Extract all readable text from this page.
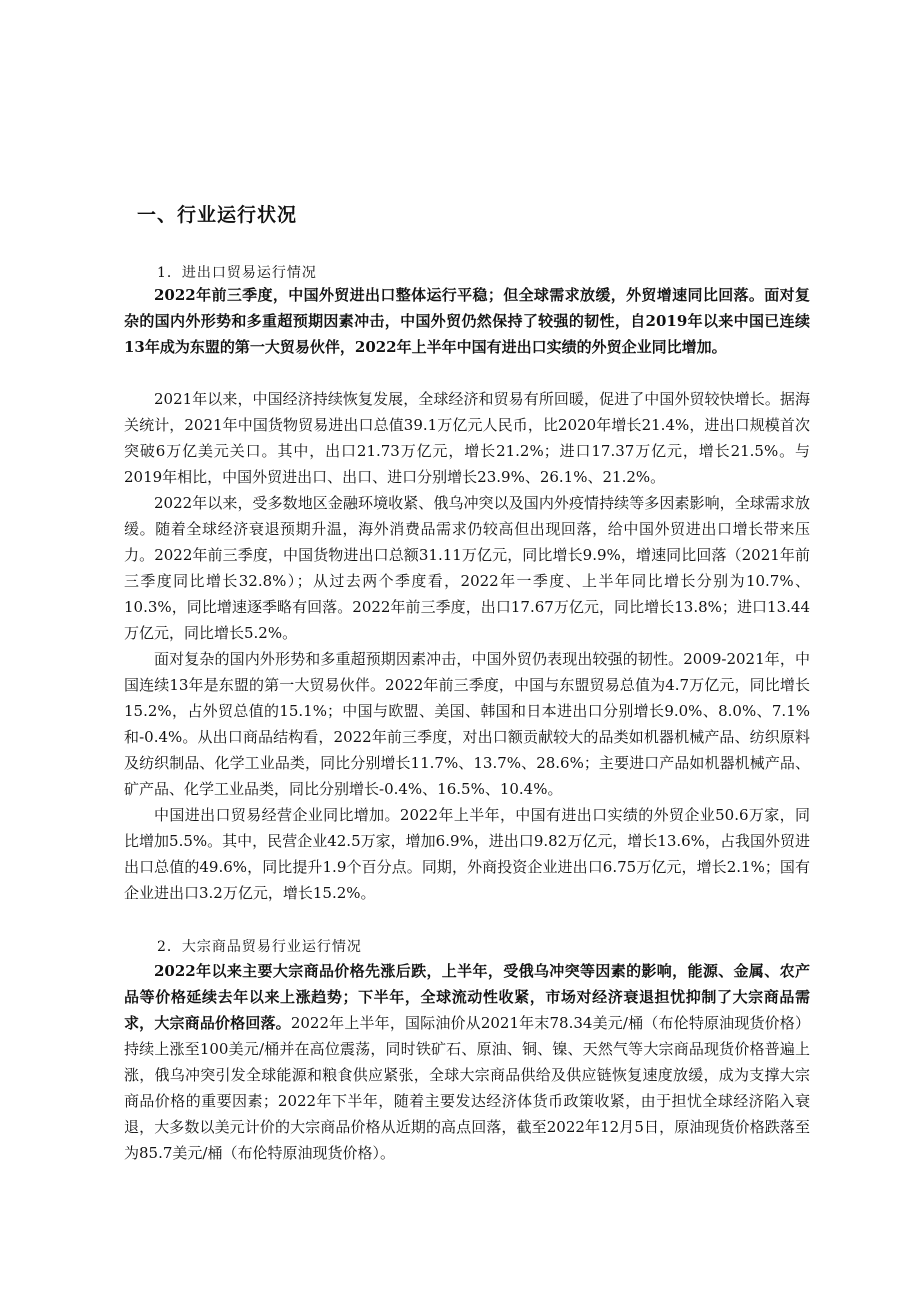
一、行业运行状况
1．进出口贸易运行情况

2022年前三季度，中国外贸进出口整体运行平稳；但全球需求放缓，外贸增速同比回落。面对复杂的国内外形势和多重超预期因素冲击，中国外贸仍然保持了较强的韧性，自2019年以来中国已连续13年成为东盟的第一大贸易伙伴，2022年上半年中国有进出口实绩的外贸企业同比增加。

2021年以来，中国经济持续恢复发展，全球经济和贸易有所回暖，促进了中国外贸较快增长。据海关统计，2021年中国货物贸易进出口总值39.1万亿元人民币，比2020年增长21.4%，进出口规模首次突破6万亿美元关口。其中，出口21.73万亿元，增长21.2%；进口17.37万亿元，增长21.5%。与2019年相比，中国外贸进出口、出口、进口分别增长23.9%、26.1%、21.2%。

2022年以来，受多数地区金融环境收紧、俄乌冲突以及国内外疫情持续等多因素影响，全球需求放缓。随着全球经济衰退预期升温，海外消费品需求仍较高但出现回落，给中国外贸进出口增长带来压力。2022年前三季度，中国货物进出口总额31.11万亿元，同比增长9.9%，增速同比回落（2021年前三季度同比增长32.8%）；从过去两个季度看，2022年一季度、上半年同比增长分别为10.7%、10.3%，同比增速逐季略有回落。2022年前三季度，出口17.67万亿元，同比增长13.8%；进口13.44万亿元，同比增长5.2%。

面对复杂的国内外形势和多重超预期因素冲击，中国外贸仍表现出较强的韧性。2009-2021年，中国连续13年是东盟的第一大贸易伙伴。2022年前三季度，中国与东盟贸易总值为4.7万亿元，同比增长15.2%，占外贸总值的15.1%；中国与欧盟、美国、韩国和日本进出口分别增长9.0%、8.0%、7.1%和-0.4%。从出口商品结构看，2022年前三季度，对出口额贡献较大的品类如机器机械产品、纺织原料及纺织制品、化学工业品类，同比分别增长11.7%、13.7%、28.6%；主要进口产品如机器机械产品、矿产品、化学工业品类，同比分别增长-0.4%、16.5%、10.4%。

中国进出口贸易经营企业同比增加。2022年上半年，中国有进出口实绩的外贸企业50.6万家，同比增加5.5%。其中，民营企业42.5万家，增加6.9%，进出口9.82万亿元，增长13.6%，占我国外贸进出口总值的49.6%，同比提升1.9个百分点。同期，外商投资企业进出口6.75万亿元，增长2.1%；国有企业进出口3.2万亿元，增长15.2%。

2．大宗商品贸易行业运行情况

2022年以来主要大宗商品价格先涨后跌，上半年，受俄乌冲突等因素的影响，能源、金属、农产品等价格延续去年以来上涨趋势；下半年，全球流动性收紧，市场对经济衰退担忧抑制了大宗商品需求，大宗商品价格回落。2022年上半年，国际油价从2021年末78.34美元/桶（布伦特原油现货价格）持续上涨至100美元/桶并在高位震荡，同时铁矿石、原油、铜、镍、天然气等大宗商品现货价格普遍上涨，俄乌冲突引发全球能源和粮食供应紧张，全球大宗商品供给及供应链恢复速度放缓，成为支撑大宗商品价格的重要因素；2022年下半年，随着主要发达经济体货币政策收紧，由于担忧全球经济陷入衰退，大多数以美元计价的大宗商品价格从近期的高点回落，截至2022年12月5日，原油现货价格跌落至为85.7美元/桶（布伦特原油现货价格）。
